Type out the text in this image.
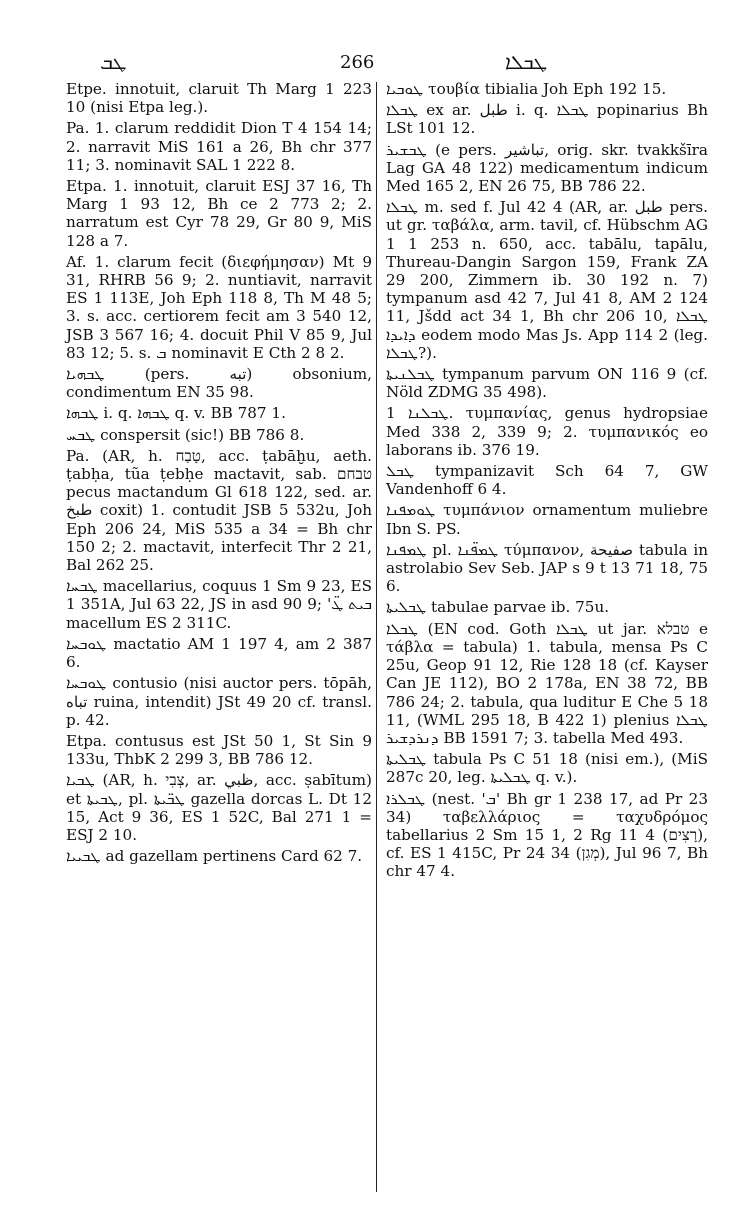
ܛܒ	266	ܛܒܠܐ

Etpe. innotuit, claruit Th Marg 1 223 10 (nisi Etpa leg.).

Pa. 1. clarum reddidit Dion T 4 154 14; 2. narravit MiS 161 a 26, Bh chr 377 11; 3. nominavit SAL 1 222 8.

Etpa. 1. innotuit, claruit ESJ 37 16, Th Marg 1 93 12, Bh ce 2 773 2; 2. narratum est Cyr 78 29, Gr 80 9, MiS 128 a 7.

Af. 1. clarum fecit (διεφήμησαν) Mt 9 31, RHRB 56 9; 2. nuntiavit, narravit ES 1 113E, Joh Eph 118 8, Th M 48 5; 3. s. acc. certiorem fecit am 3 540 12, JSB 3 567 16; 4. docuit Phil V 85 9, Jul 83 12; 5. s. ܒ nominavit E Cth 2 8 2.

ܛܒܗܝܐ (pers. تبه) obsonium, condimentum EN 35 98.

ܛܒܗܐ i. q. ܛܒܗܐ q. v. BB 787 1.

ܛܒܚ conspersit (sic!) BB 786 8.

Pa. (AR, h. טָבַח, acc. ṭabāḫu, aeth. ṭabḥa, tũa ṭebḥe mactavit, sab. טבחם pecus mactandum Gl 618 122, sed. ar. طبخ coxit) 1. contudit JSB 5 532u, Joh Eph 206 24, MiS 535 a 34 = Bh chr 150 2; 2. mactavit, interfecit Thr 2 21, Bal 262 25.

ܛܒܚܐ macellarius, coquus 1 Sm 9 23, ES 1 351A, Jul 63 22, JS in asd 90 9; 'ܒܝܬ ܛ̈ macellum ES 2 311C.

ܛܘܒܚܐ mactatio AM 1 197 4, am 2 387 6.

ܛܘܒܚܐ contusio (nisi auctor pers. tōpāh, تباه ruina, intendit) JSt 49 20 cf. transl. p. 42.

Etpa. contusus est JSt 50 1, St Sin 9 133u, ThbK 2 299 3, BB 786 12.

ܛܒܝܐ (AR, h. צְבִי, ar. ظبي, acc. ṣabītum) et ܛܒܝܬܐ, pl. ܛܒ̈ܝܬܐ gazella dorcas L. Dt 12 15, Act 9 36, ES 1 52C, Bal 271 1 = ESJ 2 10.

ܛܒܝܝܐ ad gazellam pertinens Card 62 7.

ܛܘܒܝܐ τουβία tibialia Joh Eph 192 15.

ܛܒܠܐ ex ar. طبل i. q. ܛܒܠܐ popinarius Bh LSt 101 12.

ܛܒܫܝܪ (e pers. تباشير, orig. skr. tvakkšīra Lag GA 48 122) medicamentum indicum Med 165 2, EN 26 75, BB 786 22.

ܛܒܠܐ m. sed f. Jul 42 4 (AR, ar. طبل pers. ut gr. ταβάλα, arm. tavil, cf. Hübschm AG 1 1 253 n. 650, acc. tabālu, tapālu, Thureau-Dangin Sargon 159, Frank ZA 29 200, Zimmern ib. 30 192 n. 7) tympanum asd 42 7, Jul 41 8, AM 2 124 11, Jšdd act 34 1, Bh chr 206 10, ܛܒܠܐ ܕܐܝܕܐ eodem modo Mas Js. App 114 2 (leg. ܛܒܠܐ?).

ܛܒܠܢܝܬܐ tympanum parvum ON 116 9 (cf. Nöld ZDMG 35 498).

ܛܒܠܢܐ 1. τυμπανίας, genus hydropsiae Med 338 2, 339 9; 2. τυμπανικός eo laborans ib. 376 19.

ܛܒܠ tympanizavit Sch 64 7, GW Vandenhoff 6 4.

ܛܘܡܦܢܐ τυμπάνιον ornamentum muliebre Ibn S. PS.

ܛܡܦܢܐ pl. ܛܡܦ̈ܢܐ τύμπανον, صفيحة tabula in astrolabio Sev Seb. JAP s 9 t 13 71 18, 75 6.

ܛܒܠܝܬܐ tabulae parvae ib. 75u.

ܛܒܠܐ (EN cod. Goth ܛܒܠܐ ut jar. טבלא e τάβλα = tabula) 1. tabula, mensa Ps C 25u, Geop 91 12, Rie 128 18 (cf. Kayser Can JE 112), BO 2 178a, EN 38 72, BB 786 24; 2. tabula, qua luditur E Che 5 18 11, (WML 295 18, B 422 1) plenius ܛܒܠܐ ܕܢܪܕܫܝܪ BB 1591 7; 3. tabella Med 493.

ܛܒܠܝܬܐ tabula Ps C 51 18 (nisi em.), (MiS 287c 20, leg. ܛܒܠܝܬܐ q. v.).

ܛܒܠܪܐ (nest. 'ܒ' Bh gr 1 238 17, ad Pr 23 34) ταβελλάριος = ταχυδρόμος tabellarius 2 Sm 15 1, 2 Rg 11 4 (רָצִים), cf. ES 1 415C, Pr 24 34 (מְגִן), Jul 96 7, Bh chr 47 4.
